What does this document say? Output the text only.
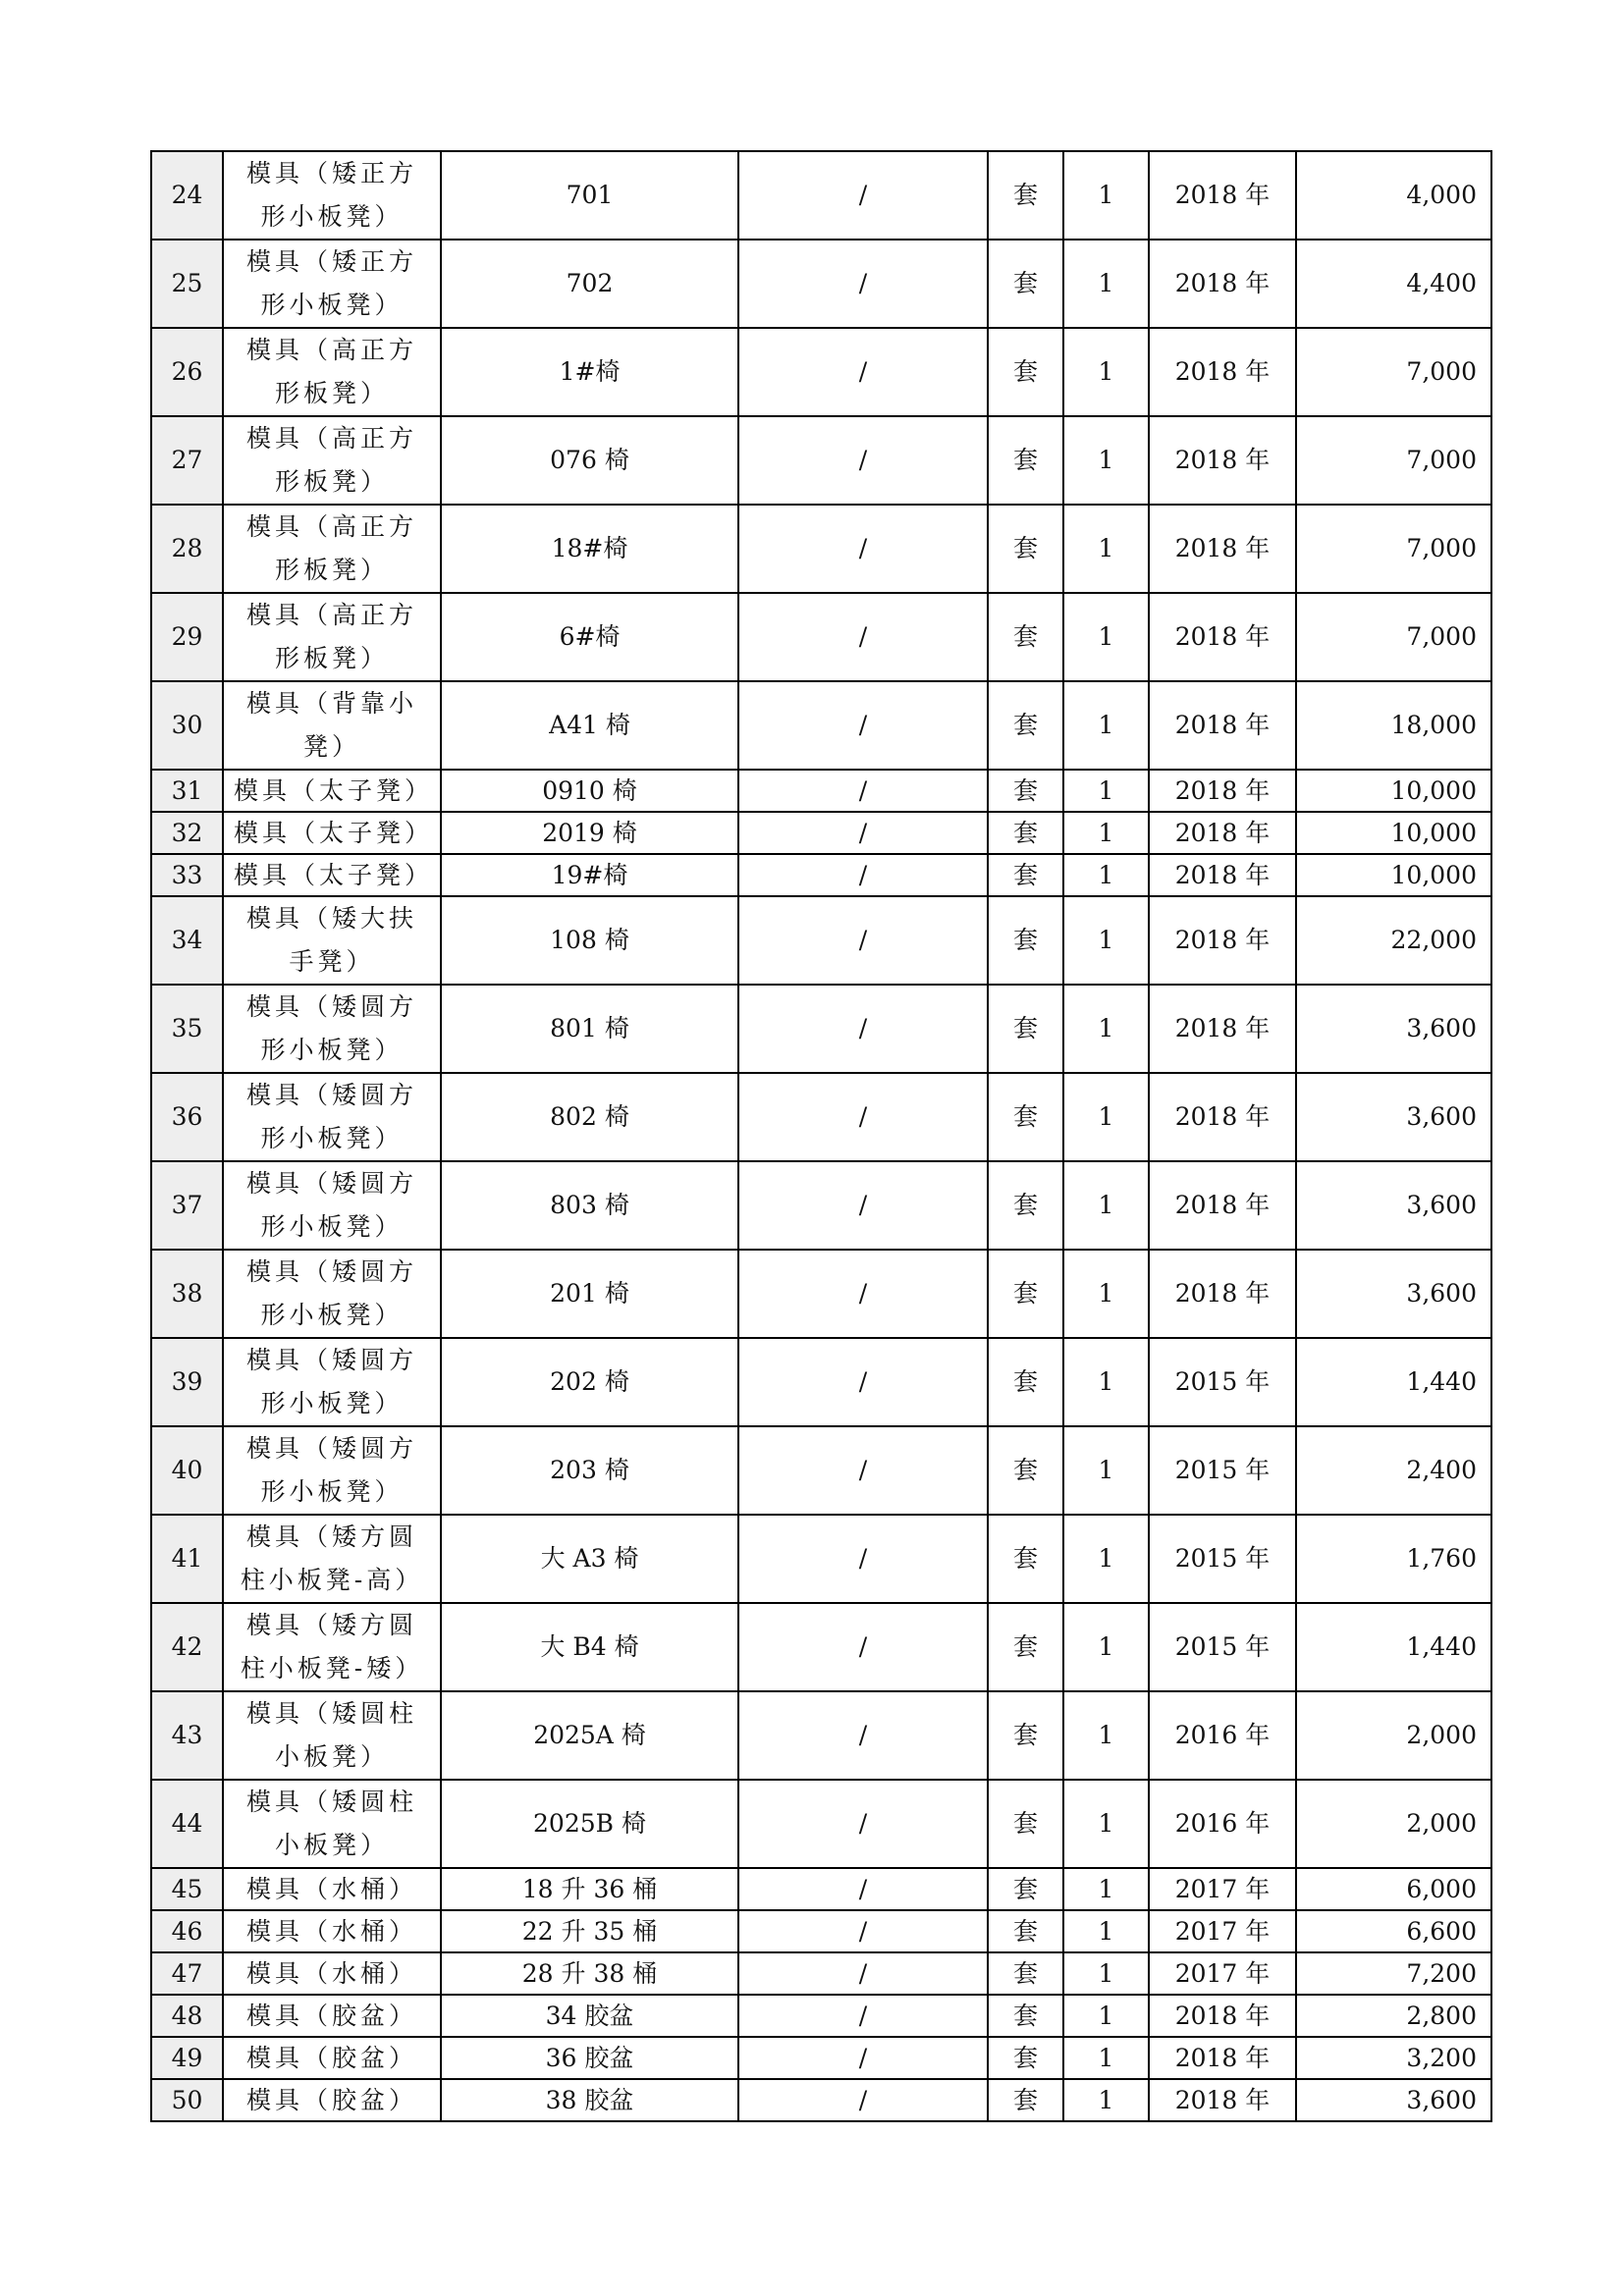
24	模具（矮正方形小板凳）	701	/	套	1	2018 年	4,000
25	模具（矮正方形小板凳）	702	/	套	1	2018 年	4,400
26	模具（高正方形板凳）	1#椅	/	套	1	2018 年	7,000
27	模具（高正方形板凳）	076 椅	/	套	1	2018 年	7,000
28	模具（高正方形板凳）	18#椅	/	套	1	2018 年	7,000
29	模具（高正方形板凳）	6#椅	/	套	1	2018 年	7,000
30	模具（背靠小凳）	A41 椅	/	套	1	2018 年	18,000
31	模具（太子凳）	0910 椅	/	套	1	2018 年	10,000
32	模具（太子凳）	2019 椅	/	套	1	2018 年	10,000
33	模具（太子凳）	19#椅	/	套	1	2018 年	10,000
34	模具（矮大扶手凳）	108 椅	/	套	1	2018 年	22,000
35	模具（矮圆方形小板凳）	801 椅	/	套	1	2018 年	3,600
36	模具（矮圆方形小板凳）	802 椅	/	套	1	2018 年	3,600
37	模具（矮圆方形小板凳）	803 椅	/	套	1	2018 年	3,600
38	模具（矮圆方形小板凳）	201 椅	/	套	1	2018 年	3,600
39	模具（矮圆方形小板凳）	202 椅	/	套	1	2015 年	1,440
40	模具（矮圆方形小板凳）	203 椅	/	套	1	2015 年	2,400
41	模具（矮方圆柱小板凳-高）	大 A3 椅	/	套	1	2015 年	1,760
42	模具（矮方圆柱小板凳-矮）	大 B4 椅	/	套	1	2015 年	1,440
43	模具（矮圆柱小板凳）	2025A 椅	/	套	1	2016 年	2,000
44	模具（矮圆柱小板凳）	2025B 椅	/	套	1	2016 年	2,000
45	模具（水桶）	18 升 36 桶	/	套	1	2017 年	6,000
46	模具（水桶）	22 升 35 桶	/	套	1	2017 年	6,600
47	模具（水桶）	28 升 38 桶	/	套	1	2017 年	7,200
48	模具（胶盆）	34 胶盆	/	套	1	2018 年	2,800
49	模具（胶盆）	36 胶盆	/	套	1	2018 年	3,200
50	模具（胶盆）	38 胶盆	/	套	1	2018 年	3,600
